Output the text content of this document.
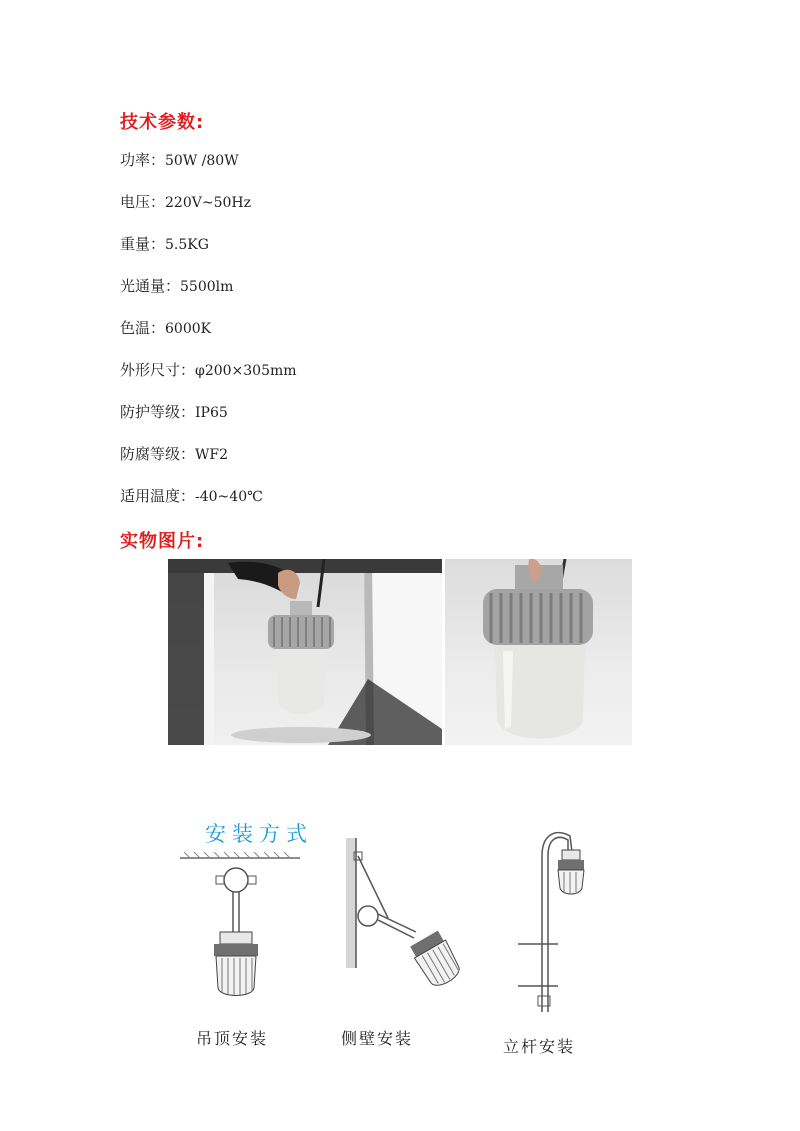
技术参数:
功率：50W /80W
电压：220V~50Hz
重量：5.5KG
光通量：5500lm
色温：6000K
外形尺寸：φ200×305mm
防护等级：IP65
防腐等级：WF2
适用温度：-40~40℃
实物图片:
安装方式
吊顶安装	侧壁安装	立杆安装
